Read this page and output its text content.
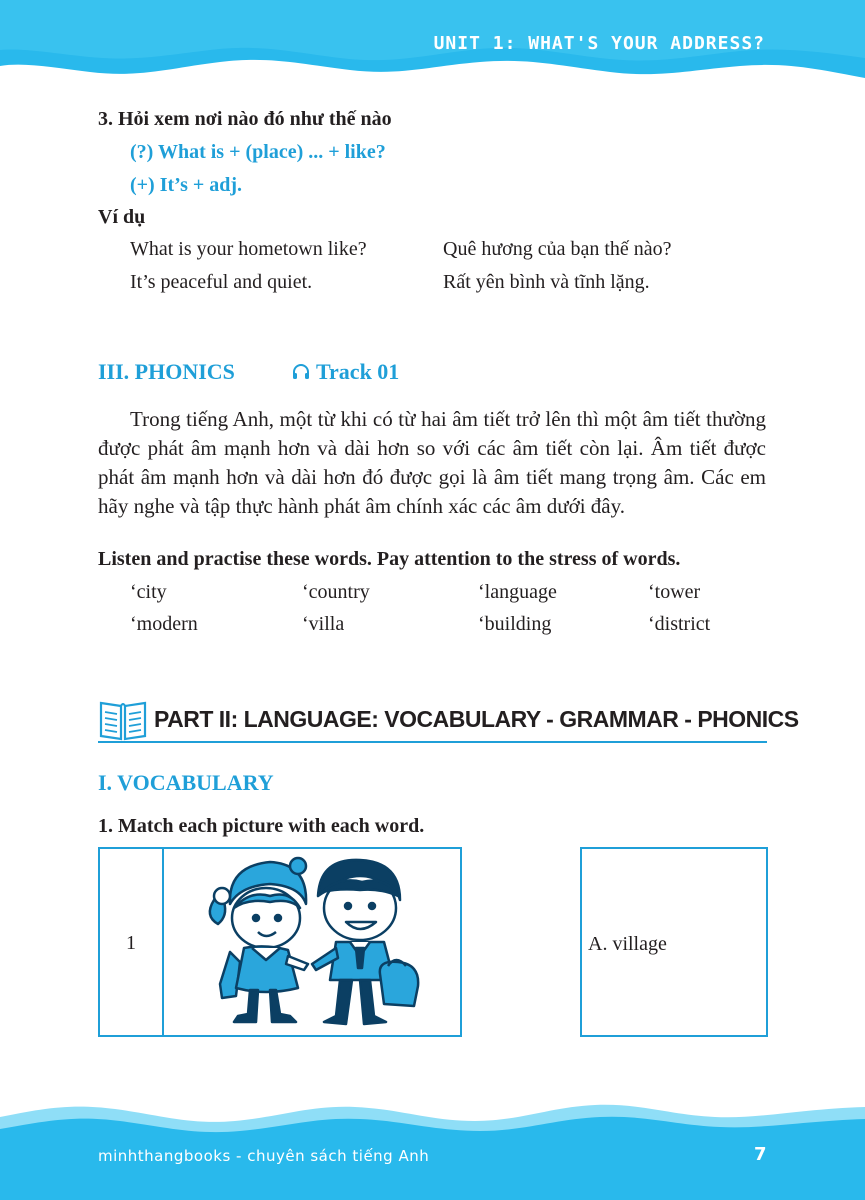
UNIT 1: WHAT'S YOUR ADDRESS?
3. Hỏi xem nơi nào đó như thế nào
(?) What is + (place) ... + like?
(+) It’s + adj.
Ví dụ
What is your hometown like?	Quê hương của bạn thế nào?
It’s peaceful and quiet.	Rất yên bình và tĩnh lặng.
III. PHONICS	Track 01
Trong tiếng Anh, một từ khi có từ hai âm tiết trở lên thì một âm tiết thường được phát âm mạnh hơn và dài hơn so với các âm tiết còn lại. Âm tiết được phát âm mạnh hơn và dài hơn đó được gọi là âm tiết mang trọng âm. Các em hãy nghe và tập thực hành phát âm chính xác các âm dưới đây.
Listen and practise these words. Pay attention to the stress of words.
ʻcity	ʻcountry	ʻlanguage	ʻtower
ʻmodern	ʻvilla	ʻbuilding	ʻdistrict
PART II: LANGUAGE: VOCABULARY - GRAMMAR - PHONICS
I. VOCABULARY
1. Match each picture with each word.
1	A. village
minhthangbooks - chuyên sách tiếng Anh	7
